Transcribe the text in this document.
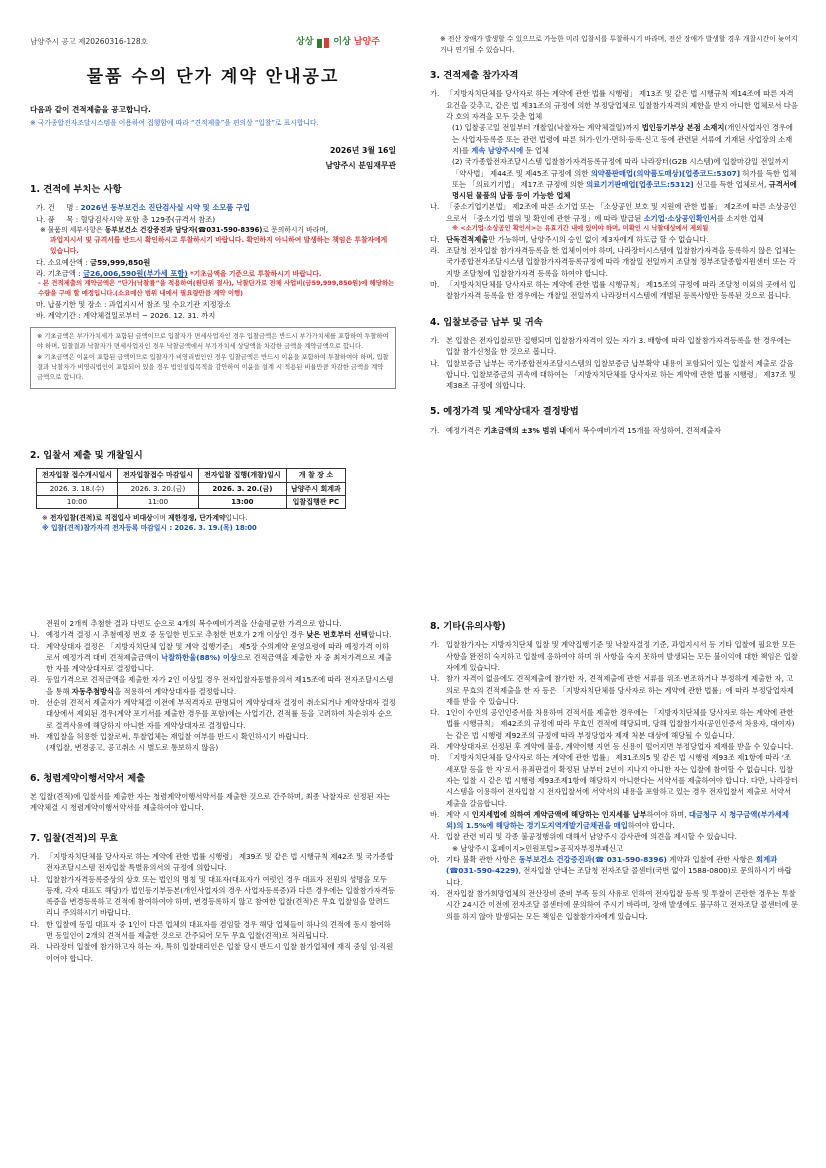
남양주시 공고 제20260316-128호	상상 이상 남양주
물품 수의 단가 계약 안내공고
다음과 같이 견적제출을 공고합니다.
※ 국가종합전자조달시스템을 이용하여 집행함에 따라 “견적제출”을 편의상 “입찰”로 표시합니다.
2026년 3월 16일
남양주시 분임재무관
1. 견적에 부치는 사항
가. 건 명 : 2026년 동부보건소 진단검사실 시약 및 소모품 구입
나. 품 목 : 혈당검사시약 포함 총 129종(규격서 참조)
※ 물품의 세부사항은 동부보건소 건강증진과 담당자(☎031-590-8396)로 문의하시기 바라며,
과업지시서 및 규격서를 반드시 확인하시고 투찰하시기 바랍니다. 확인하지 아니하여 발생하는 책임은 투찰자에게 있습니다.
다. 소요예산액 : 금59,999,850원
라. 기초금액 : 금26,006,590원(부가세 포함) *기초금액을 기준으로 투찰하시기 바랍니다.
- 본 견적제출의 계약금액은 “단가(낙찰률”을 적용하여(원단위 절사), 낙찰단가로 전체 사업비(금59,999,850원)에 해당하는 수량을 구매 할 예정입니다.(소요예산 범위 내에서 필요량만큼 계약 이행)
마. 납품기한 및 장소 : 과업지시서 참조 및 수요기관 지정장소
바. 계약기간 : 계약체결일로부터 ~ 2026. 12. 31. 까지
※ 기초금액은 부가가치세가 포함된 금액이므로 입찰자가 면세사업자인 경우 입찰금액은 반드시 부가가치세를 포함하여 투찰하여야 하며, 입찰결과 낙찰자가 면세사업자인 경우 낙찰금액에서 부가가치세 상당액을 차감한 금액을 계약금액으로 합니다.
※ 기초금액은 이윤이 포함된 금액이므로 입찰자가 비영리법인인 경우 입찰금액은 반드시 이윤을 포함하여 투찰하여야 하며, 입찰결과 낙찰자가 비영리법인이 포함되어 있을 경우 법인설립목적을 감안하여 이윤을 설계 시 적용된 비율만큼 차감한 금액을 계약금액으로 합니다.
2. 입찰서 제출 및 개찰일시
전자입찰 접수개시일시	전자입찰접수 마감일시	전자입찰 집행(개찰)일시	개 찰 장 소
2026. 3. 18.(수)	2026. 3. 20.(금)	2026. 3. 20.(금)	남양주시 회계과
10:00	11:00	13:00	입찰집행관 PC
※ 전자입찰(견적)로 직접입사 비대상이며 제한경쟁, 단가계약입니다.
※ 입찰(견적)참가자격 전자등록 마감일시 : 2026. 3. 19.(목) 18:00
※ 전산 장애가 발생할 수 있으므로 가능한 미리 입찰서를 투찰하시기 바라며, 전산 장애가 발생할 경우 개찰시간이 늦어지거나 연기될 수 있습니다.
3. 견적제출 참가자격
가. 「지방자치단체를 당사자로 하는 계약에 관한 법률 시행령」 제13조 및 같은 법 시행규칙 제14조에 따른 자격요건을 갖추고, 같은 법 제31조의 규정에 의한 부정당업체로 입찰참가자격의 제한을 받지 아니한 업체로서 다음 각 호의 자격을 모두 갖춘 업체
(1) 입찰공고일 전일부터 개찰일(낙찰자는 계약체결일)까지 법인등기부상 본점 소재지(개인사업자인 경우에는 사업자등록증 또는 관련 법령에 따른 허가·인가·면허·등록·신고 등에 관련된 서류에 기재된 사업장의 소재지)를 계속 남양주시에 둔 업체
(2) 국가종합전자조달시스템 입찰참가자격등록규정에 따라 나라장터(G2B 시스템)에 입찰마감일 전일까지 「약사법」 제44조 및 제45조 규정에 의한 의약품판매업(의약품도매상)[업종코드:5307] 허가를 득한 업체 또는 「의료기기법」 제17조 규정에 의한 의료기기판매업[업종코드:5312] 신고를 득한 업체로서, 규격서에 명시된 물품의 납품 등이 가능한 업체
나. 「중소기업기본법」 제2조에 따른 소기업 또는 「소상공인 보호 및 지원에 관한 법률」 제2조에 따른 소상공인으로서 「중소기업 범위 및 확인에 관한 규정」에 따라 발급된 소기업·소상공인확인서를 소지한 업체
※ <소기업·소상공인 확인서>는 유효기간 내에 있어야 하며, 미확인 시 낙찰대상에서 제외됨
다. 단독견적제출만 가능하며, 남양주시의 승인 없이 제3자에게 하도급 할 수 없습니다.
라. 조달청 전자입찰 참가자격등록을 한 업체이어야 하며, 나라장터시스템에 입찰참가자격을 등록하지 않은 업체는 국가종합전자조달시스템 입찰참가자격등록규정에 따라 개찰일 전일까지 조달청 정부조달종합지원센터 또는 각 지방 조달청에 입찰참가자격 등록을 하여야 합니다.
마. 「지방자치단체를 당사자로 하는 계약에 관한 법률 시행규칙」 제15조의 규정에 따라 조달청 이외의 곳에서 입찰참가자격 등록을 한 경우에는 개찰일 전일까지 나라장터시스템에 개별된 등록사항만 등록된 것으로 봅니다.
4. 입찰보증금 납부 및 귀속
가. 본 입찰은 전자입찰로만 집행되며 입찰참가자격이 있는 자가 3. 배항에 따라 입찰참가자격등록을 한 경우에는 입찰 참가신청을 한 것으로 봅니다.
나. 입찰보증금 납부는 국가종합전자조달시스템의 입찰보증금 납부확약 내용이 포함되어 있는 입찰서 제출로 갈음합니다. 입찰보증금의 귀속에 대하여는 「지방자치단체를 당사자로 하는 계약에 관한 법률 시행령」 제37조 및 제38조 규정에 의합니다.
5. 예정가격 및 계약상대자 결정방법
가. 예정가격은 기초금액의 ±3% 범위 내에서 복수예비가격 15개를 작성하여, 견적제출자
전원이 2개씩 추첨한 결과 다빈도 순으로 4개의 복수예비가격을 산술평균한 가격으로 합니다.
나. 예정가격 결정 시 추첨예정 번호 중 동일한 빈도로 추첨한 번호가 2개 이상인 경우 낮은 번호부터 선택합니다.
다. 계약상대자 결정은 「지방자치단체 입찰 및 계약 집행기준」 제5장 수의계약 운영요령에 따라 예정가격 이하로서 예정가격 대비 견적제출금액이 낙찰하한율(88%) 이상으로 견적금액을 제출한 자 중 최저가격으로 제출한 자를 계약상대자로 결정합니다.
라. 동일가격으로 견적금액을 제출한 자가 2인 이상일 경우 전자입찰자동별유의서 제15조에 따라 전자조달시스템을 통해 자동추첨방식을 적용하여 계약상대자를 결정합니다.
마. 선순위 견적서 제출자가 계약체결 이전에 부적격자로 판명되어 계약상대자 결정이 취소되거나 계약상대자 결정 대상에서 제외된 경우(계약 포기서를 제출한 경우를 포함)에는 사업기간, 견적률 등을 고려하여 차순위자 순으로 결격사유에 해당하지 아니한 자를 계약상대자로 결정합니다.
바. 재입찰을 허용한 입찰로써, 투찰업체는 재입찰 여부를 반드시 확인하시기 바랍니다.
(재입찰, 변경공고, 공고취소 시 별도로 통보하지 않음)
6. 청렴계약이행서약서 제출
본 입찰(견적)에 입찰서를 제출한 자는 청렴계약이행서약서를 제출한 것으로 간주하며, 최종 낙찰자로 선정된 자는 계약체결 시 청렴계약이행서약서를 제출하여야 합니다.
7. 입찰(견적)의 무효
가. 「지방자치단체를 당사자로 하는 계약에 관한 법률 시행령」 제39조 및 같은 법 시행규칙 제42조 및 국가종합전자조달시스템 전자입찰 특별유의서의 규정에 의합니다.
나. 입찰참가자격등록증상의 상호 또는 법인의 명칭 및 대표자(대표자가 여럿인 경우 대표자 전원의 성명을 모두 등재, 각자 대표도 해당)가 법인등기부등본(개인사업자의 경우 사업자등록증)과 다른 경우에는 입찰참가자격등록증을 변경등록하고 견적에 참여하여야 하며, 변경등록하지 않고 참여한 입찰(견적)은 무효 입찰임을 알려드리니 주의하시기 바랍니다.
다. 한 입찰에 동일 대표자 중 1인이 다른 업체의 대표자를 겸임할 경우 해당 업체들이 하나의 견적에 동시 참여하면 동일인이 2개의 견적서를 제출한 것으로 간주되어 모두 무효 입찰(견적)로 처리됩니다.
라. 나라장터 입찰에 참가하고자 하는 자, 특히 입찰대리인은 입찰 당시 반드시 입찰 참가업체에 재직 중임 임·직원이어야 합니다.
8. 기타(유의사항)
가. 입찰참가자는 지방자치단체 입찰 및 계약집행기준 및 낙찰자결정 기준, 과업지시서 등 기타 입찰에 필요한 모든 사항을 완전히 숙지하고 입찰에 응하여야 하며 위 사항을 숙지 못하여 발생되는 모든 불이익에 대한 책임은 입찰자에게 있습니다.
나. 참가 자격이 없음에도 견적제출에 참가한 자, 견적제출에 관한 서류를 위조·변조하거나 부정하게 제출한 자, 고의로 무효의 견적제출을 한 자 등은 「지방자치단체를 당사자로 하는 계약에 관한 법률」에 따라 부정당업자제재를 받을 수 있습니다.
다. 1인이 수인의 공인인증서를 차용하여 견적서를 제출한 경우에는 「지방자치단체를 당사자로 하는 계약에 관한 법률 시행규칙」 제42조의 규정에 따라 무효인 견적에 해당되며, 당해 입찰참가자(공인인증서 차용자, 대여자)는 같은 법 시행령 제92조의 규정에 따라 부정당업자 제재 처분 대상에 해당될 수 있습니다.
라. 계약상대자로 선정된 후 계약에 불응, 계약이행 지연 등 신용이 떨어지면 부정당업자 제재를 받을 수 있습니다.
마. 「지방자치단체를 당사자로 하는 계약에 관한 법률」 제31조의5 및 같은 법 시행령 제93조 제1항에 따라 ‘조세포탈 등을 한 자’로서 유죄판결이 확정된 날부터 2년이 지나지 아니한 자는 입찰에 참여할 수 없습니다. 입찰자는 입찰 시 같은 법 시행령 제93조제1항에 해당하지 아니한다는 서약서를 제출하여야 합니다. 다만, 나라장터 시스템을 이용하여 전자입찰 시 전자입찰서에 서약서의 내용을 포함하고 있는 경우 전자입찰서 제출로 서약서 제출을 갈음합니다.
바. 계약 시 인지세법에 의하여 계약금액에 해당하는 인지세를 납부하여야 하며, 대금청구 시 청구금액(부가세제외)의 1.5%에 해당하는 경기도지역개발기금채권을 매입하여야 합니다.
사. 입찰 관련 비리 및 각종 불공정행위에 대해서 남양주시 감사관에 의견을 제시할 수 있습니다.
※ 남양주시 홈페이지>민원포털>공직자부정부패신고
아. 기타 불확 관한 사항은 동부보건소 건강증진과(☎ 031-590-8396) 계약과 입찰에 관한 사항은 회계과(☎031-590-4229), 전자입찰 안내는 조달청 전자조달 콜센터(국번 없이 1588-0800)로 문의하시기 바랍니다.
자. 전자입찰 참가희망업체의 전산장비 준비 부족 등의 사유로 인하여 전자입찰 등록 및 투찰이 곤란한 경우는 투찰시간 24시간 이전에 전자조달 콜센터에 문의하여 주시기 바라며, 장애 발생에도 불구하고 전자조달 콜센터에 문의를 하지 않아 발생되는 모든 책임은 입찰참가자에게 있습니다.
